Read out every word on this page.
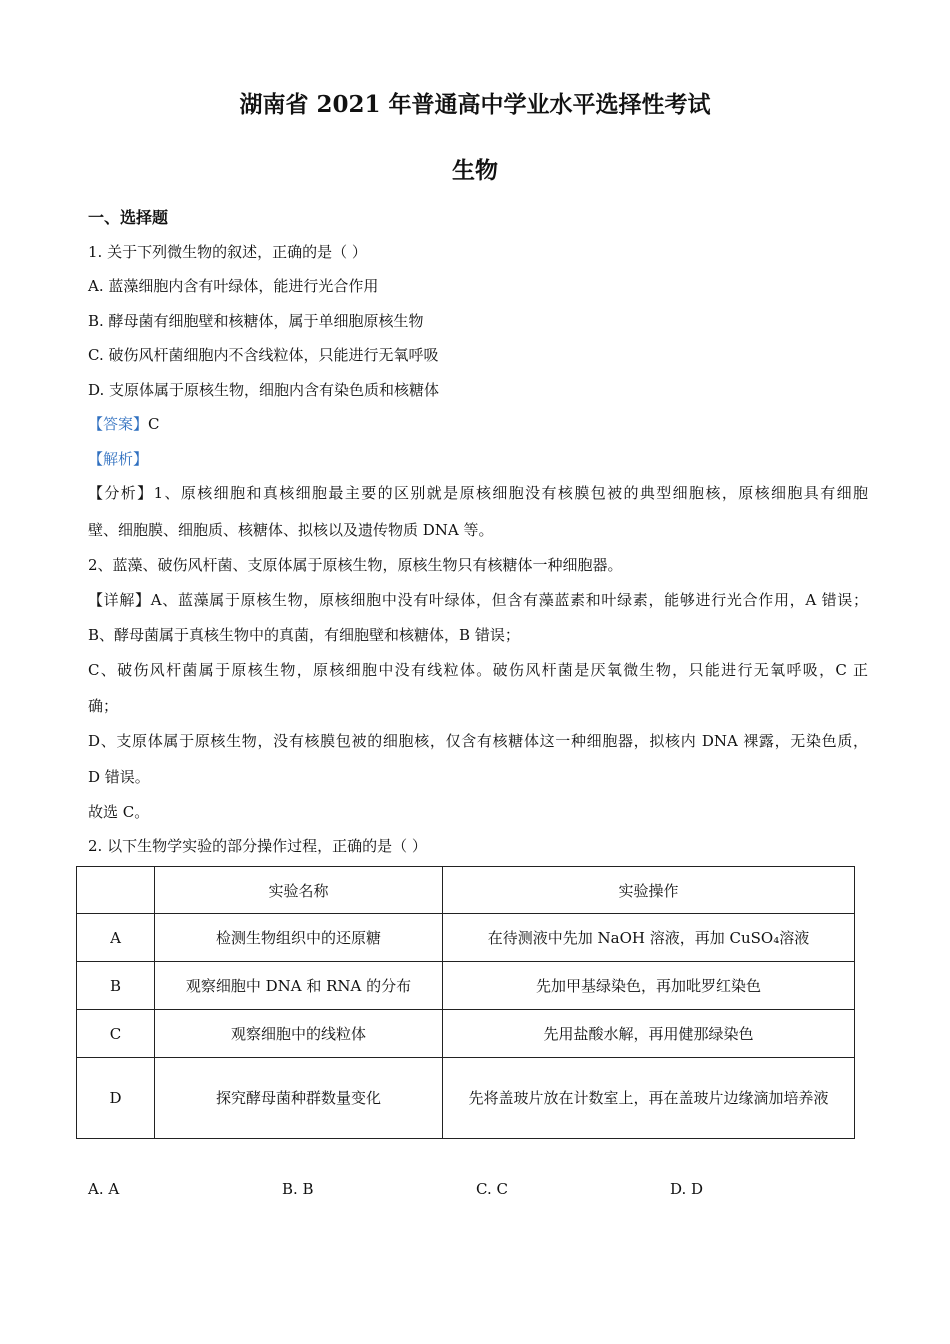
湖南省 2021 年普通高中学业水平选择性考试
生物
一、选择题
1. 关于下列微生物的叙述，正确的是（ ）
A. 蓝藻细胞内含有叶绿体，能进行光合作用
B. 酵母菌有细胞壁和核糖体，属于单细胞原核生物
C. 破伤风杆菌细胞内不含线粒体，只能进行无氧呼吸
D. 支原体属于原核生物，细胞内含有染色质和核糖体
【答案】C
【解析】
【分析】1、原核细胞和真核细胞最主要的区别就是原核细胞没有核膜包被的典型细胞核，原核细胞具有细胞
壁、细胞膜、细胞质、核糖体、拟核以及遗传物质 DNA 等。
2、蓝藻、破伤风杆菌、支原体属于原核生物，原核生物只有核糖体一种细胞器。
【详解】A、蓝藻属于原核生物，原核细胞中没有叶绿体，但含有藻蓝素和叶绿素，能够进行光合作用，A 错误；
B、酵母菌属于真核生物中的真菌，有细胞壁和核糖体，B 错误；
C、破伤风杆菌属于原核生物，原核细胞中没有线粒体。破伤风杆菌是厌氧微生物，只能进行无氧呼吸，C 正
确；
D、支原体属于原核生物，没有核膜包被的细胞核，仅含有核糖体这一种细胞器，拟核内 DNA 裸露，无染色质，
D 错误。
故选 C。
2. 以下生物学实验的部分操作过程，正确的是（ ）
	实验名称	实验操作
A	检测生物组织中的还原糖	在待测液中先加 NaOH 溶液，再加 CuSO₄溶液
B	观察细胞中 DNA 和 RNA 的分布	先加甲基绿染色，再加吡罗红染色
C	观察细胞中的线粒体	先用盐酸水解，再用健那绿染色
D	探究酵母菌种群数量变化	先将盖玻片放在计数室上，再在盖玻片边缘滴加培养液
A. A	B. B	C. C	D. D
